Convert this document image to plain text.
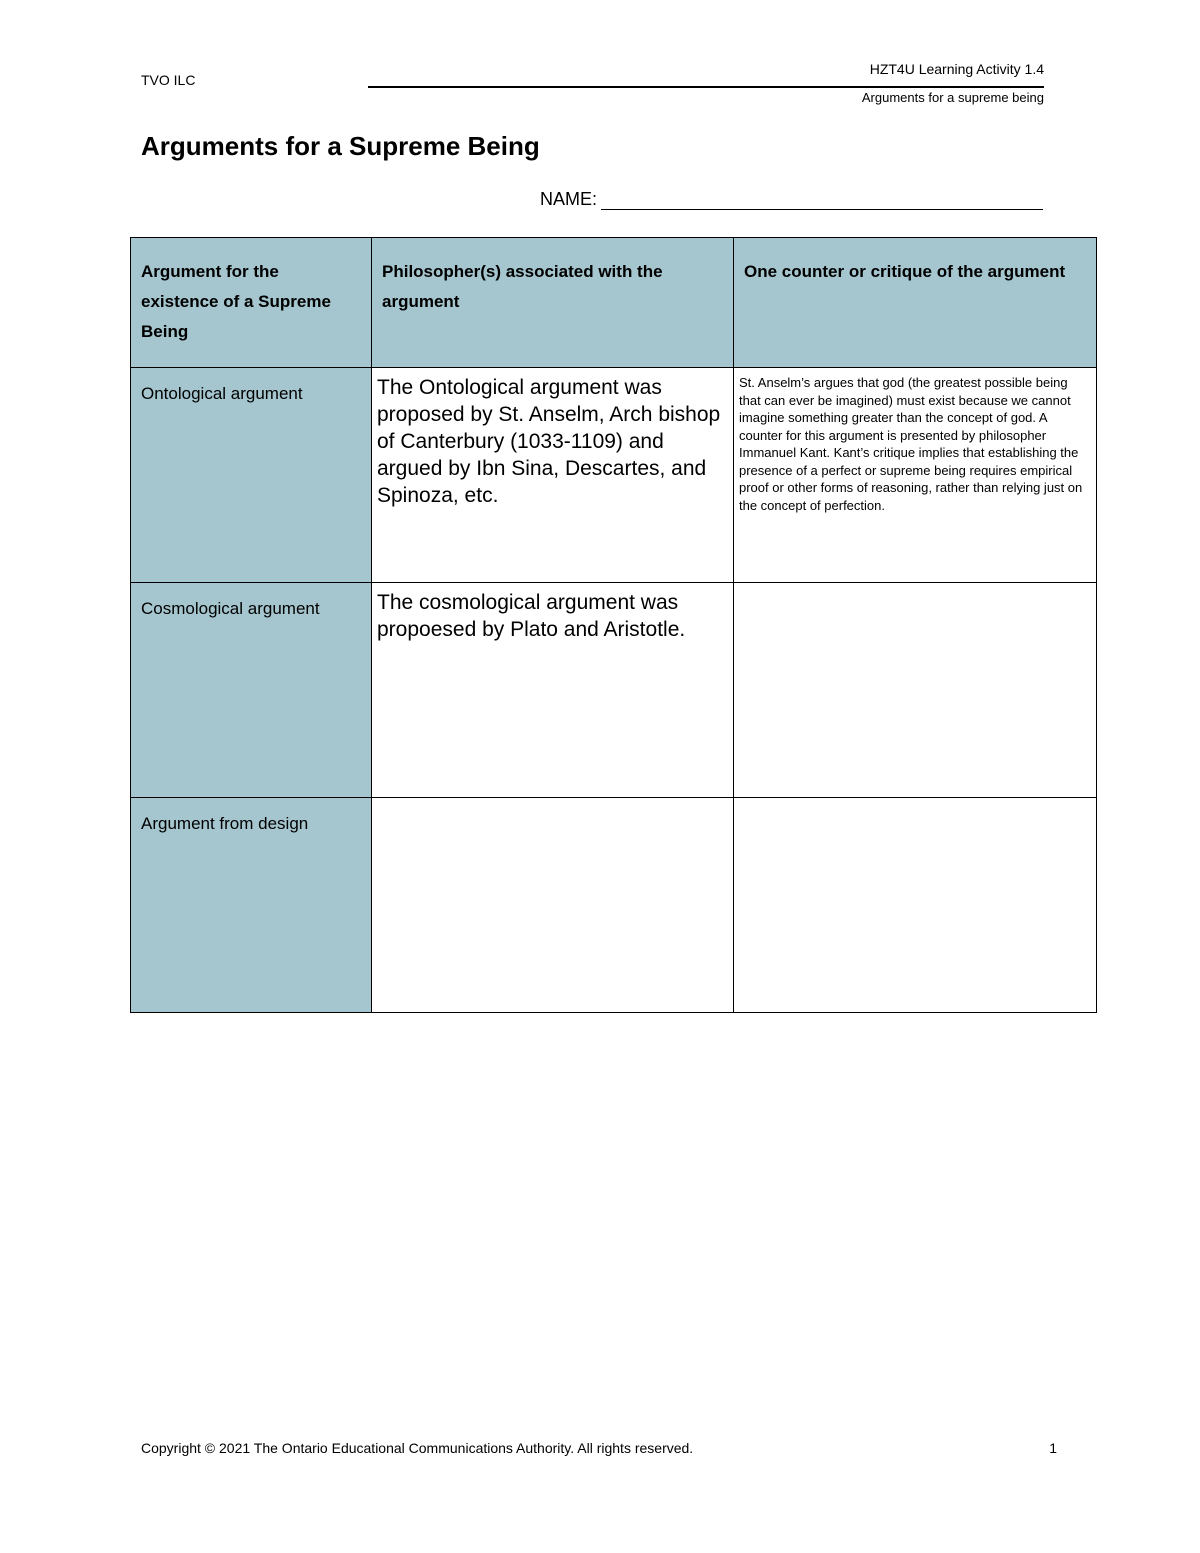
TVO ILC
HZT4U Learning Activity 1.4
Arguments for a supreme being
Arguments for a Supreme Being
NAME:
Argument for the existence of a Supreme Being	Philosopher(s) associated with the argument	One counter or critique of the argument
Ontological argument	The Ontological argument was proposed by St. Anselm, Arch bishop of Canterbury (1033-1109) and argued by Ibn Sina, Descartes, and Spinoza, etc.	St. Anselm’s argues that god (the greatest possible being that can ever be imagined) must exist because we cannot imagine something greater than the concept of god. A counter for this argument is presented by philosopher Immanuel Kant. Kant’s critique implies that establishing the presence of a perfect or supreme being requires empirical proof or other forms of reasoning, rather than relying just on the concept of perfection.
Cosmological argument	The cosmological argument was propoesed by Plato and Aristotle.	
Argument from design		
Copyright © 2021 The Ontario Educational Communications Authority. All rights reserved.	1
